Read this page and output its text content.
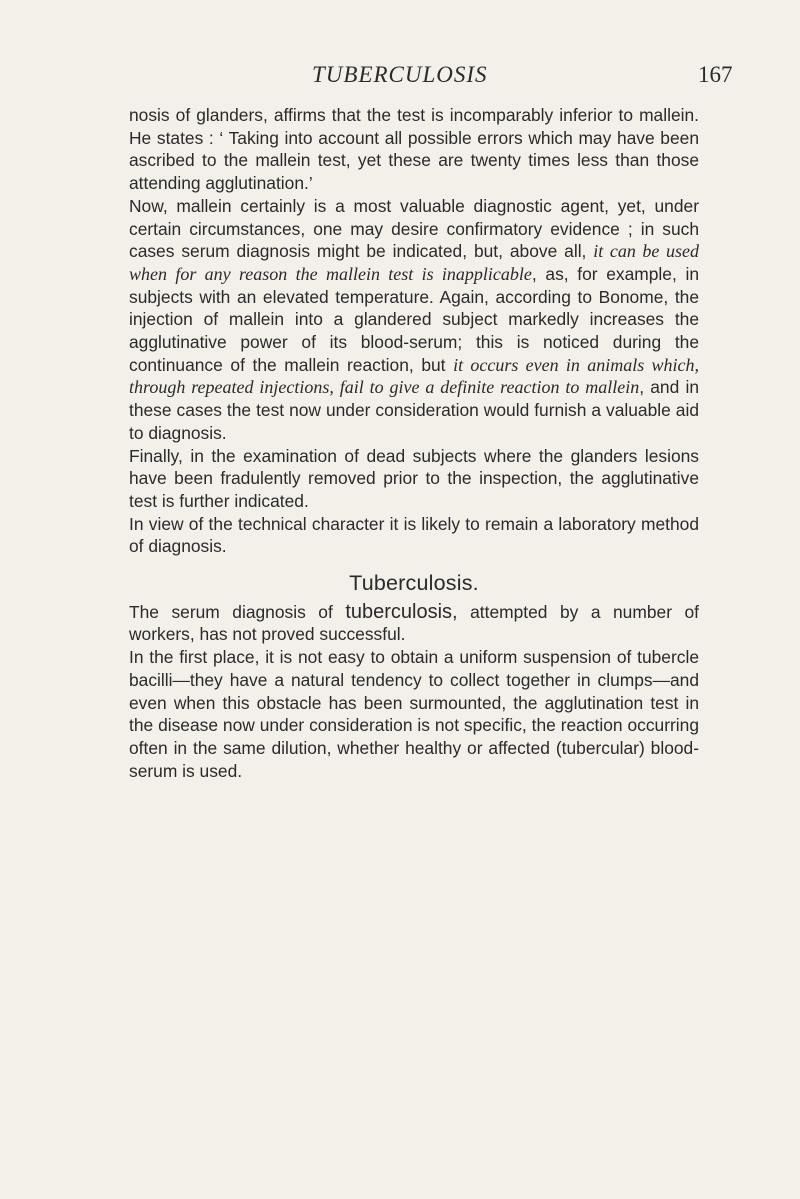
TUBERCULOSIS	167

nosis of glanders, affirms that the test is incomparably inferior to mallein. He states : ‘ Taking into account all possible errors which may have been ascribed to the mallein test, yet these are twenty times less than those attending agglutination.’

Now, mallein certainly is a most valuable diagnostic agent, yet, under certain circumstances, one may desire confirmatory evidence ; in such cases serum diagnosis might be indicated, but, above all, it can be used when for any reason the mallein test is inapplicable, as, for example, in subjects with an elevated temperature. Again, according to Bonome, the injection of mallein into a glandered subject markedly increases the agglutinative power of its blood-serum; this is noticed during the continuance of the mallein reaction, but it occurs even in animals which, through repeated injections, fail to give a definite reaction to mallein, and in these cases the test now under consideration would furnish a valuable aid to diagnosis.

Finally, in the examination of dead subjects where the glanders lesions have been fradulently removed prior to the inspection, the agglutinative test is further indicated.

In view of the technical character it is likely to remain a laboratory method of diagnosis.

Tuberculosis.

The serum diagnosis of tuberculosis, attempted by a number of workers, has not proved successful.

In the first place, it is not easy to obtain a uniform suspension of tubercle bacilli—they have a natural tendency to collect together in clumps—and even when this obstacle has been surmounted, the agglutination test in the disease now under consideration is not specific, the reaction occurring often in the same dilution, whether healthy or affected (tubercular) blood-serum is used.
